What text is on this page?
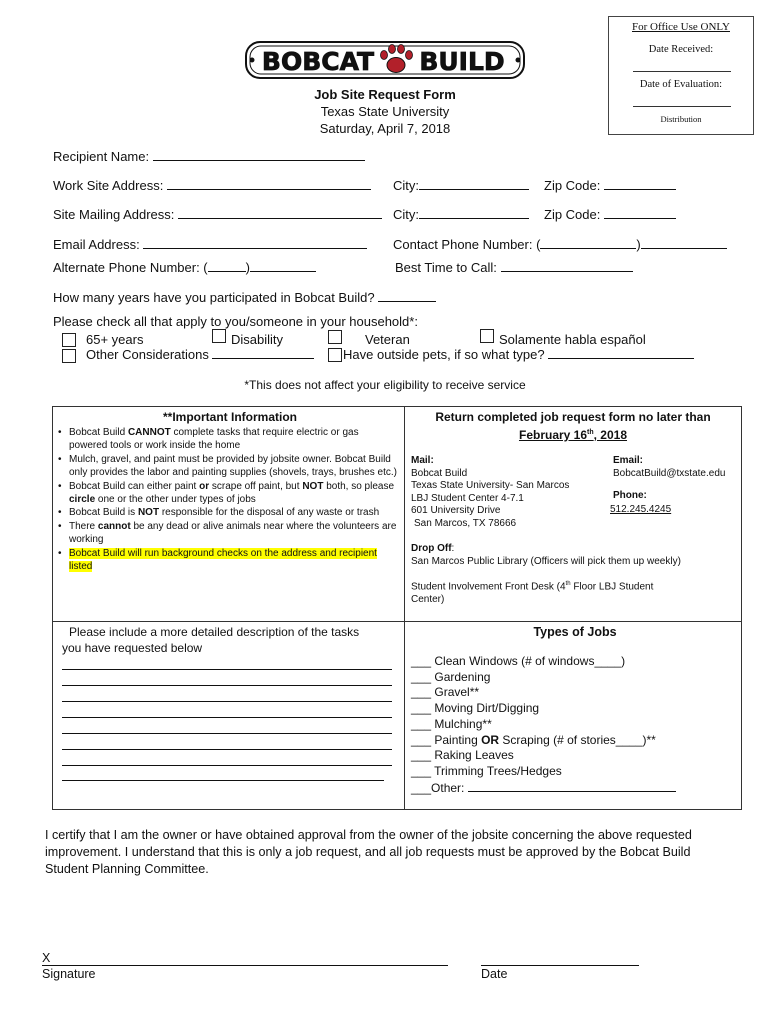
For Office Use ONLY
Date Received:
Date of Evaluation:
Distribution
BOBCAT BUILD
Job Site Request Form
Texas State University
Saturday, April 7, 2018
Recipient Name:
Work Site Address:	City:	Zip Code:
Site Mailing Address:	City:	Zip Code:
Email Address:	Contact Phone Number: (	)
Alternate Phone Number: (	)	Best Time to Call:
How many years have you participated in Bobcat Build?
Please check all that apply to you/someone in your household*:
65+ years	Disability	Veteran	Solamente habla español
Other Considerations	Have outside pets, if so what type?
*This does not affect your eligibility to receive service
**Important Information
• Bobcat Build CANNOT complete tasks that require electric or gas powered tools or work inside the home
• Mulch, gravel, and paint must be provided by jobsite owner. Bobcat Build only provides the labor and painting supplies (shovels, trays, brushes etc.)
• Bobcat Build can either paint or scrape off paint, but NOT both, so please circle one or the other under types of jobs
• Bobcat Build is NOT responsible for the disposal of any waste or trash
• There cannot be any dead or alive animals near where the volunteers are working
• Bobcat Build will run background checks on the address and recipient listed
Return completed job request form no later than
February 16th, 2018
Mail:
Bobcat Build
Texas State University- San Marcos
LBJ Student Center 4-7.1
601 University Drive
San Marcos, TX 78666
Email:
BobcatBuild@txstate.edu
Phone:
512.245.4245
Drop Off:
San Marcos Public Library (Officers will pick them up weekly)
Student Involvement Front Desk (4th Floor LBJ Student
Center)
Please include a more detailed description of the tasks
you have requested below
Types of Jobs
___ Clean Windows (# of windows____)
___ Gardening
___ Gravel**
___ Moving Dirt/Digging
___ Mulching**
___ Painting OR Scraping (# of stories____)**
___ Raking Leaves
___ Trimming Trees/Hedges
___Other:
I certify that I am the owner or have obtained approval from the owner of the jobsite concerning the above requested improvement. I understand that this is only a job request, and all job requests must be approved by the Bobcat Build Student Planning Committee.
X
Signature	Date
